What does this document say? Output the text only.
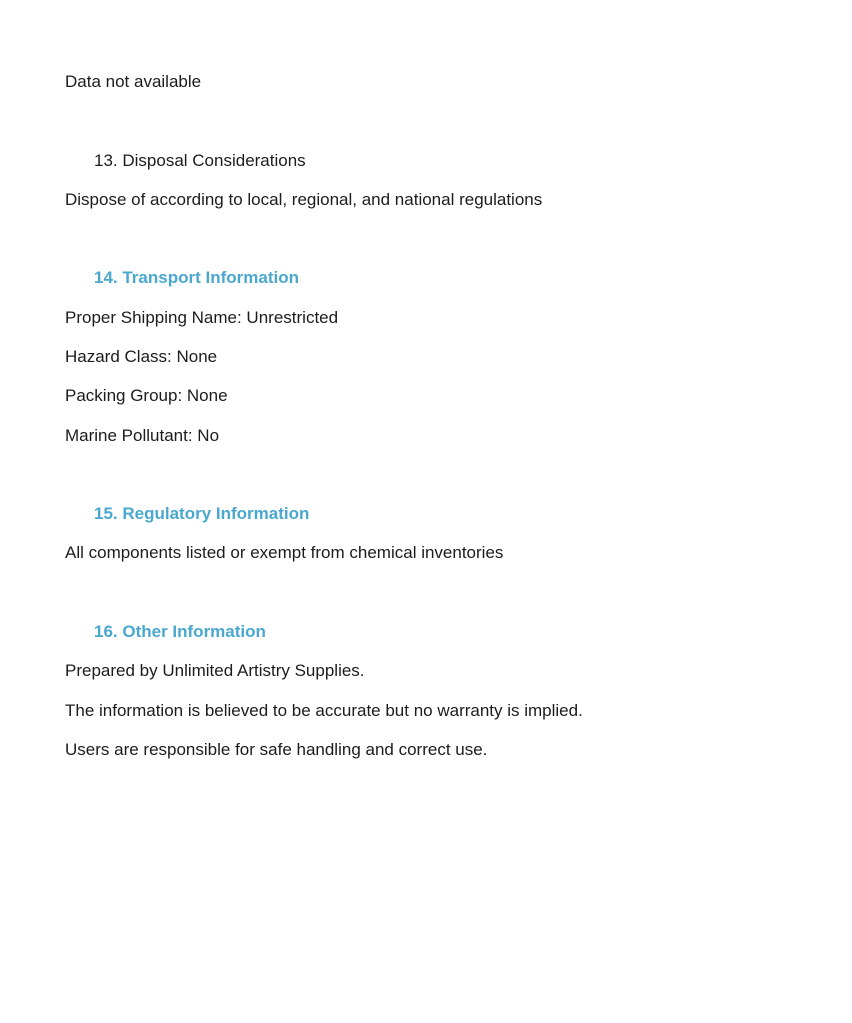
Data not available
13. Disposal Considerations
Dispose of according to local, regional, and national regulations
14. Transport Information
Proper Shipping Name: Unrestricted
Hazard Class: None
Packing Group: None
Marine Pollutant: No
15. Regulatory Information
All components listed or exempt from chemical inventories
16. Other Information
Prepared by Unlimited Artistry Supplies.
The information is believed to be accurate but no warranty is implied.
Users are responsible for safe handling and correct use.
